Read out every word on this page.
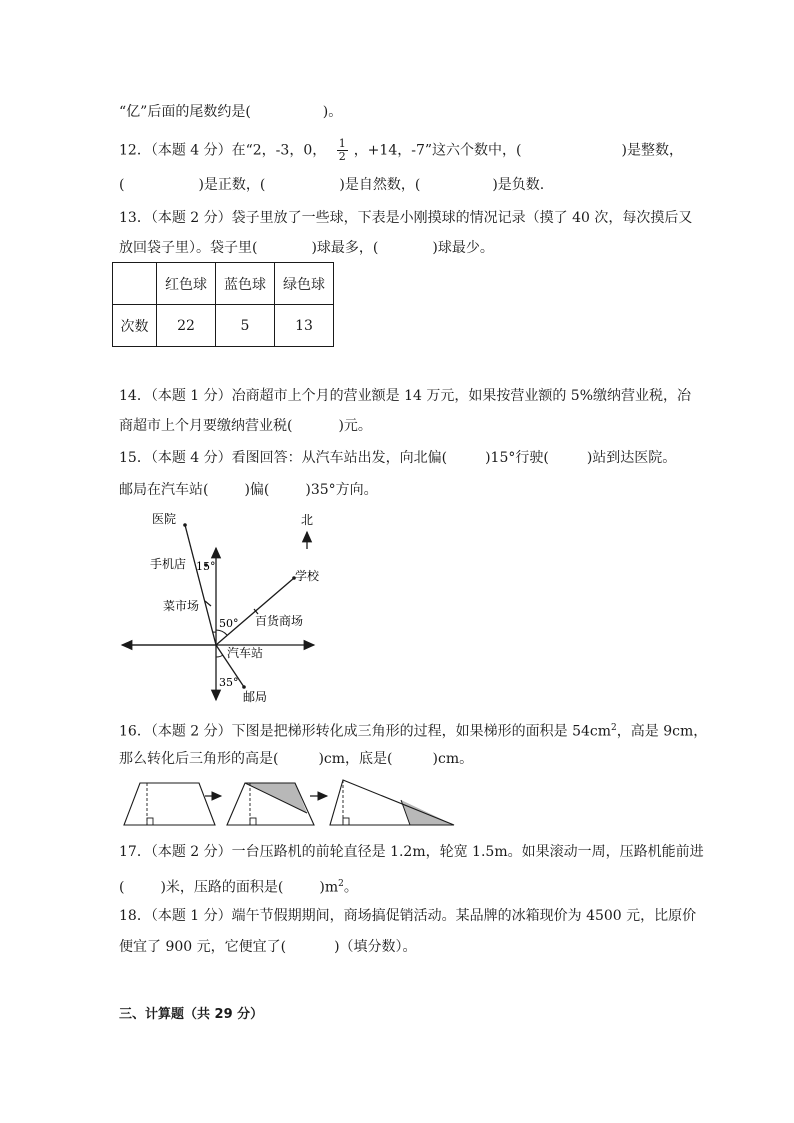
“亿”后面的尾数约是(	)。
12．（本题 4 分）在“2，-3，0， $\frac{1}{2}$ ，+14，-7”这六个数中，(	)是整数，
(	)是正数，(	)是自然数，(	)是负数.
13．（本题 2 分）袋子里放了一些球，下表是小刚摸球的情况记录（摸了 40 次，每次摸后又
放回袋子里）。袋子里(	)球最多，(	)球最少。
	红色球	蓝色球	绿色球
次数	22	5	13
14．（本题 1 分）冶商超市上个月的营业额是 14 万元，如果按营业额的 5%缴纳营业税，冶
商超市上个月要缴纳营业税(	)元。
15．（本题 4 分）看图回答：从汽车站出发，向北偏(	)15°行驶(	)站到达医院。
邮局在汽车站(	)偏(	)35°方向。
医院
手机店 15°
菜市场
北
学校
50° 百货商场
汽车站
35°
邮局
16．（本题 2 分）下图是把梯形转化成三角形的过程，如果梯形的面积是 $54cm^2$，高是 9cm，
那么转化后三角形的高是(	)cm，底是(	)cm。
17．（本题 2 分）一台压路机的前轮直径是 1.2m，轮宽 1.5m。如果滚动一周，压路机能前进
(	)米，压路的面积是(	)$m^2$。
18．（本题 1 分）端午节假期期间，商场搞促销活动。某品牌的冰箱现价为 4500 元，比原价
便宜了 900 元，它便宜了(	)（填分数）。
三、计算题（共 29 分）
